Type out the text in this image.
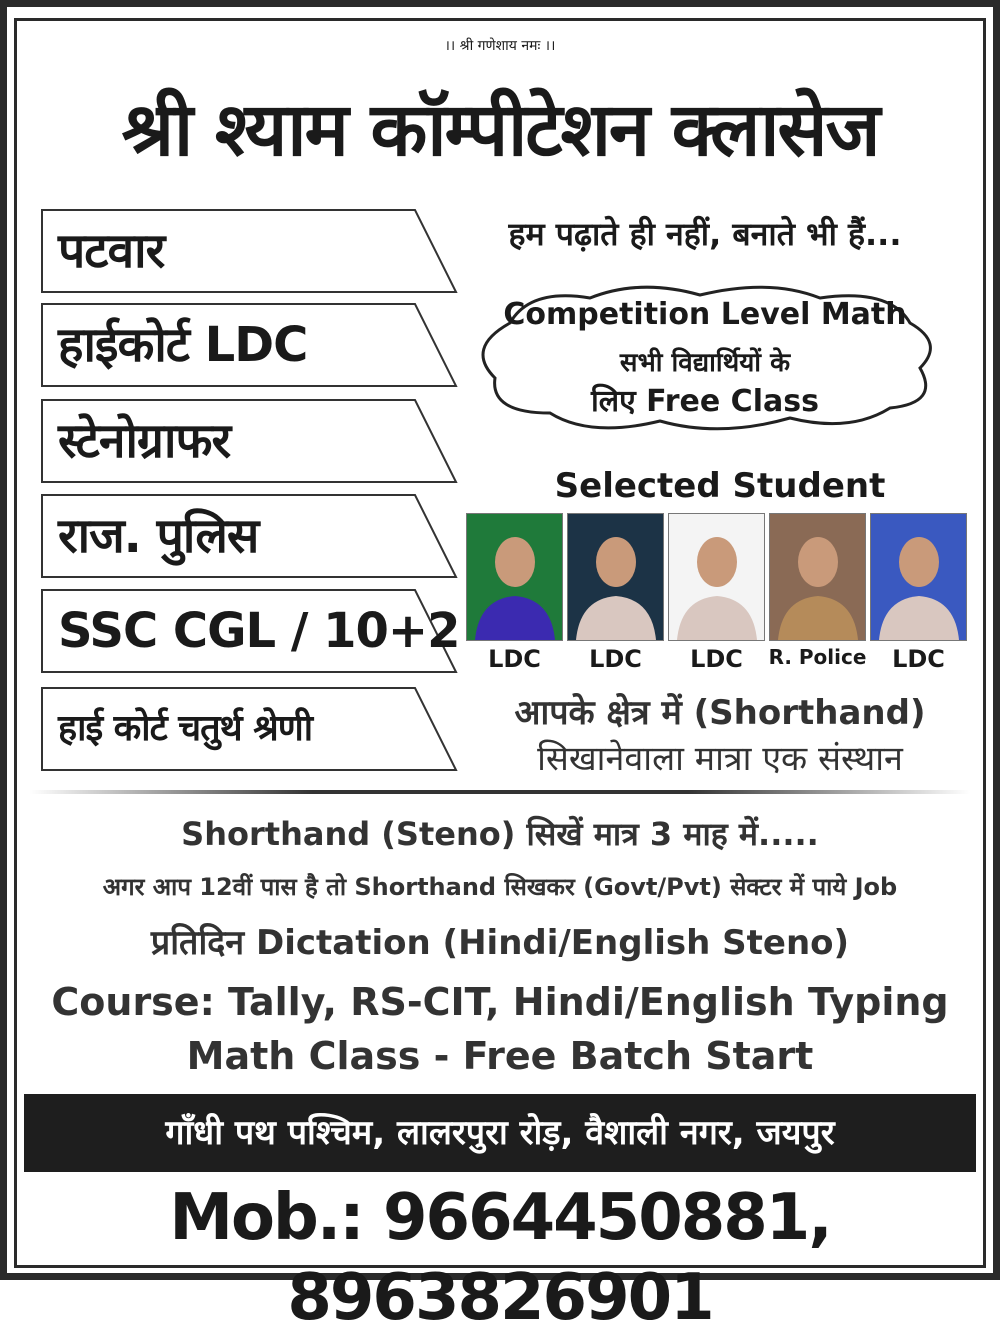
।। श्री गणेशाय नमः ।।
श्री श्याम कॉम्पीटेशन क्लासेज
हम पढ़ाते ही नहीं, बनाते भी हैं...
पटवार
हाईकोर्ट LDC
स्टेनोग्राफर
राज. पुलिस
SSC CGL / 10+2
हाई कोर्ट चतुर्थ श्रेणी
Competition Level Math
सभी विद्यार्थियों के
लिए Free Class
Selected Student
LDC	LDC	LDC	R. Police	LDC
आपके क्षेत्र में (Shorthand)
सिखानेवाला मात्रा एक संस्थान
Shorthand (Steno) सिखें मात्र 3 माह में.....
अगर आप 12वीं पास है तो Shorthand सिखकर (Govt/Pvt) सेक्टर में पाये Job
प्रतिदिन Dictation (Hindi/English Steno)
Course: Tally, RS-CIT, Hindi/English Typing
Math Class - Free Batch Start
गाँधी पथ पश्चिम, लालरपुरा रोड़, वैशाली नगर, जयपुर
Mob.: 9664450881, 8963826901
